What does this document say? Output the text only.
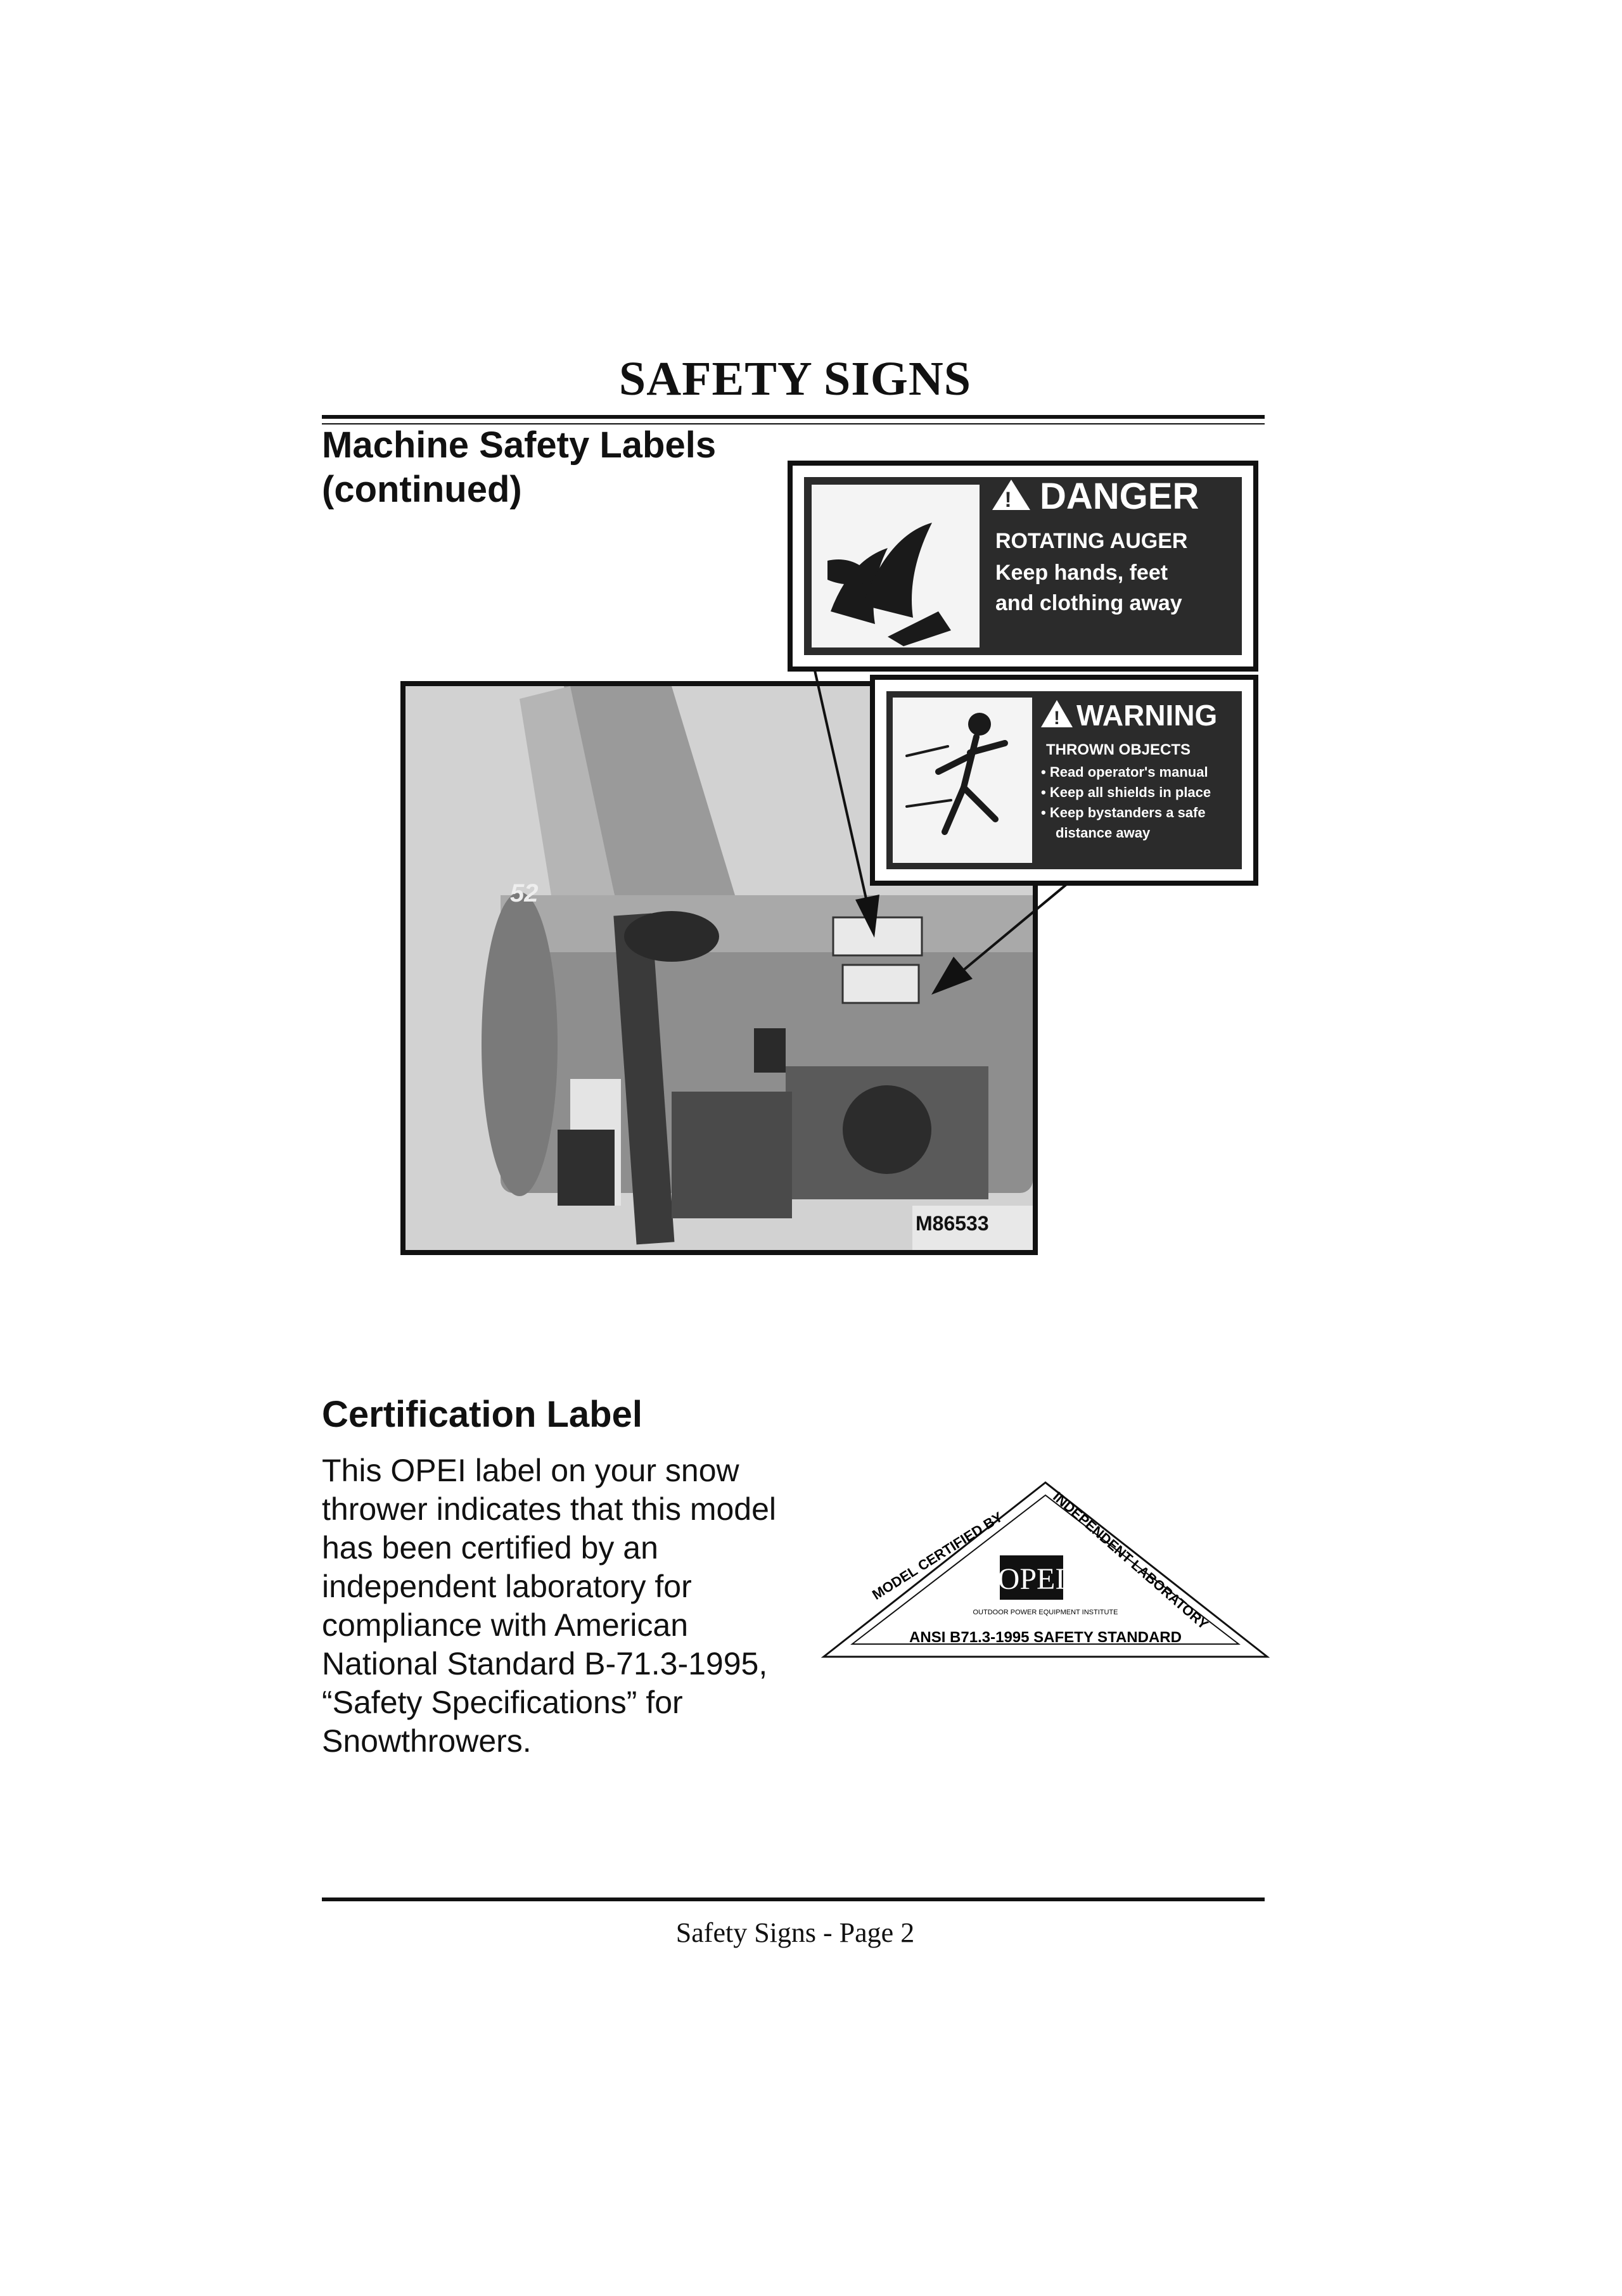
SAFETY SIGNS
Machine Safety Labels
(continued)
52
M86533
! DANGER
ROTATING AUGER
Keep hands, feet
and clothing away
! WARNING
THROWN OBJECTS
• Read operator's manual
• Keep all shields in place
• Keep bystanders a safe
distance away
Certification Label
This OPEI label on your snow
thrower indicates that this model
has been certified by an
independent laboratory for
compliance with American
National Standard B-71.3-1995,
“Safety Specifications” for
Snowthrowers.
MODEL CERTIFIED BY
INDEPENDENT LABORATORY
OPEI
OUTDOOR POWER EQUIPMENT INSTITUTE
ANSI B71.3-1995 SAFETY STANDARD
Safety Signs - Page 2
